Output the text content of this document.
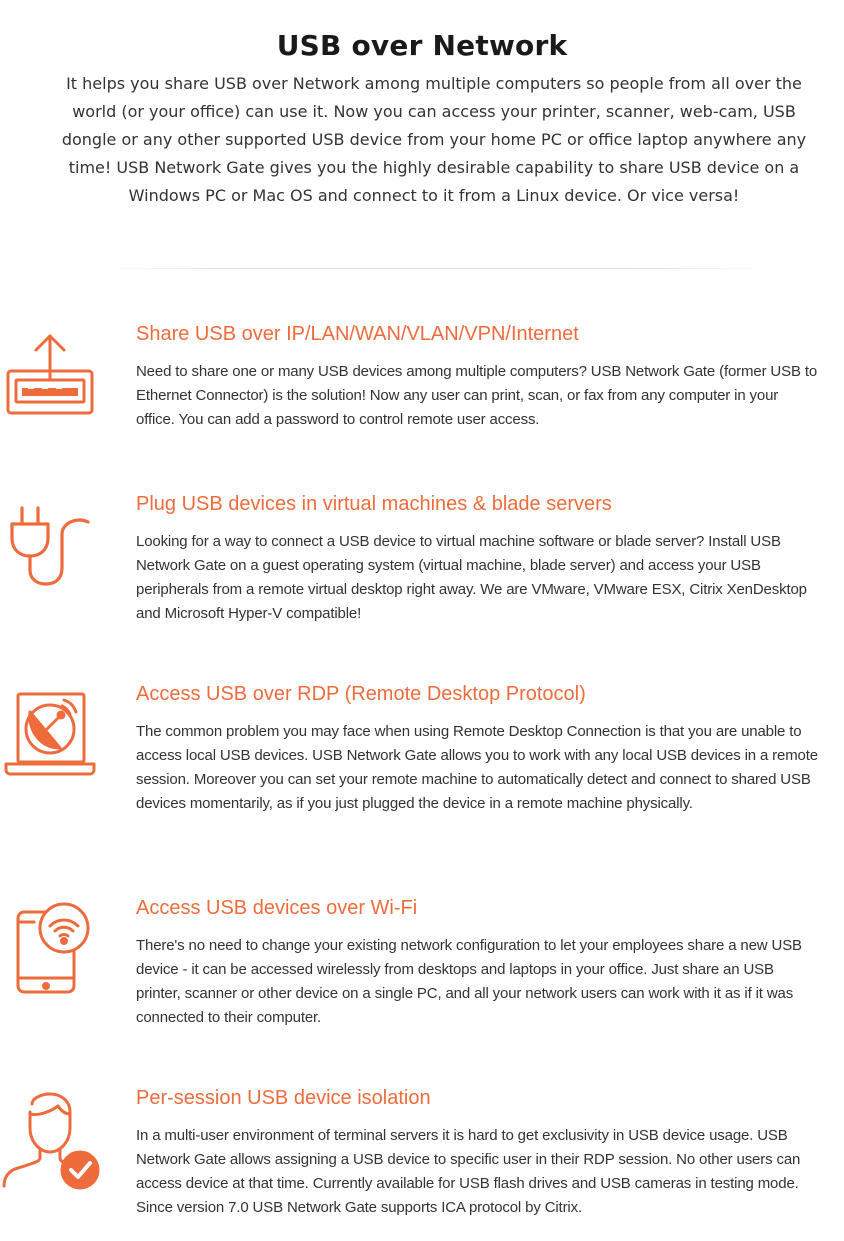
USB over Network

It helps you share USB over Network among multiple computers so people from all over the world (or your office) can use it. Now you can access your printer, scanner, web-cam, USB dongle or any other supported USB device from your home PC or office laptop anywhere any time! USB Network Gate gives you the highly desirable capability to share USB device on a Windows PC or Mac OS and connect to it from a Linux device. Or vice versa!

Share USB over IP/LAN/WAN/VLAN/VPN/Internet

Need to share one or many USB devices among multiple computers? USB Network Gate (former USB to Ethernet Connector) is the solution! Now any user can print, scan, or fax from any computer in your office. You can add a password to control remote user access.

Plug USB devices in virtual machines & blade servers

Looking for a way to connect a USB device to virtual machine software or blade server? Install USB Network Gate on a guest operating system (virtual machine, blade server) and access your USB peripherals from a remote virtual desktop right away. We are VMware, VMware ESX, Citrix XenDesktop and Microsoft Hyper-V compatible!

Access USB over RDP (Remote Desktop Protocol)

The common problem you may face when using Remote Desktop Connection is that you are unable to access local USB devices. USB Network Gate allows you to work with any local USB devices in a remote session. Moreover you can set your remote machine to automatically detect and connect to shared USB devices momentarily, as if you just plugged the device in a remote machine physically.

Access USB devices over Wi-Fi

There's no need to change your existing network configuration to let your employees share a new USB device - it can be accessed wirelessly from desktops and laptops in your office. Just share an USB printer, scanner or other device on a single PC, and all your network users can work with it as if it was connected to their computer.

Per-session USB device isolation

In a multi-user environment of terminal servers it is hard to get exclusivity in USB device usage. USB Network Gate allows assigning a USB device to specific user in their RDP session. No other users can access device at that time. Currently available for USB flash drives and USB cameras in testing mode. Since version 7.0 USB Network Gate supports ICA protocol by Citrix.
